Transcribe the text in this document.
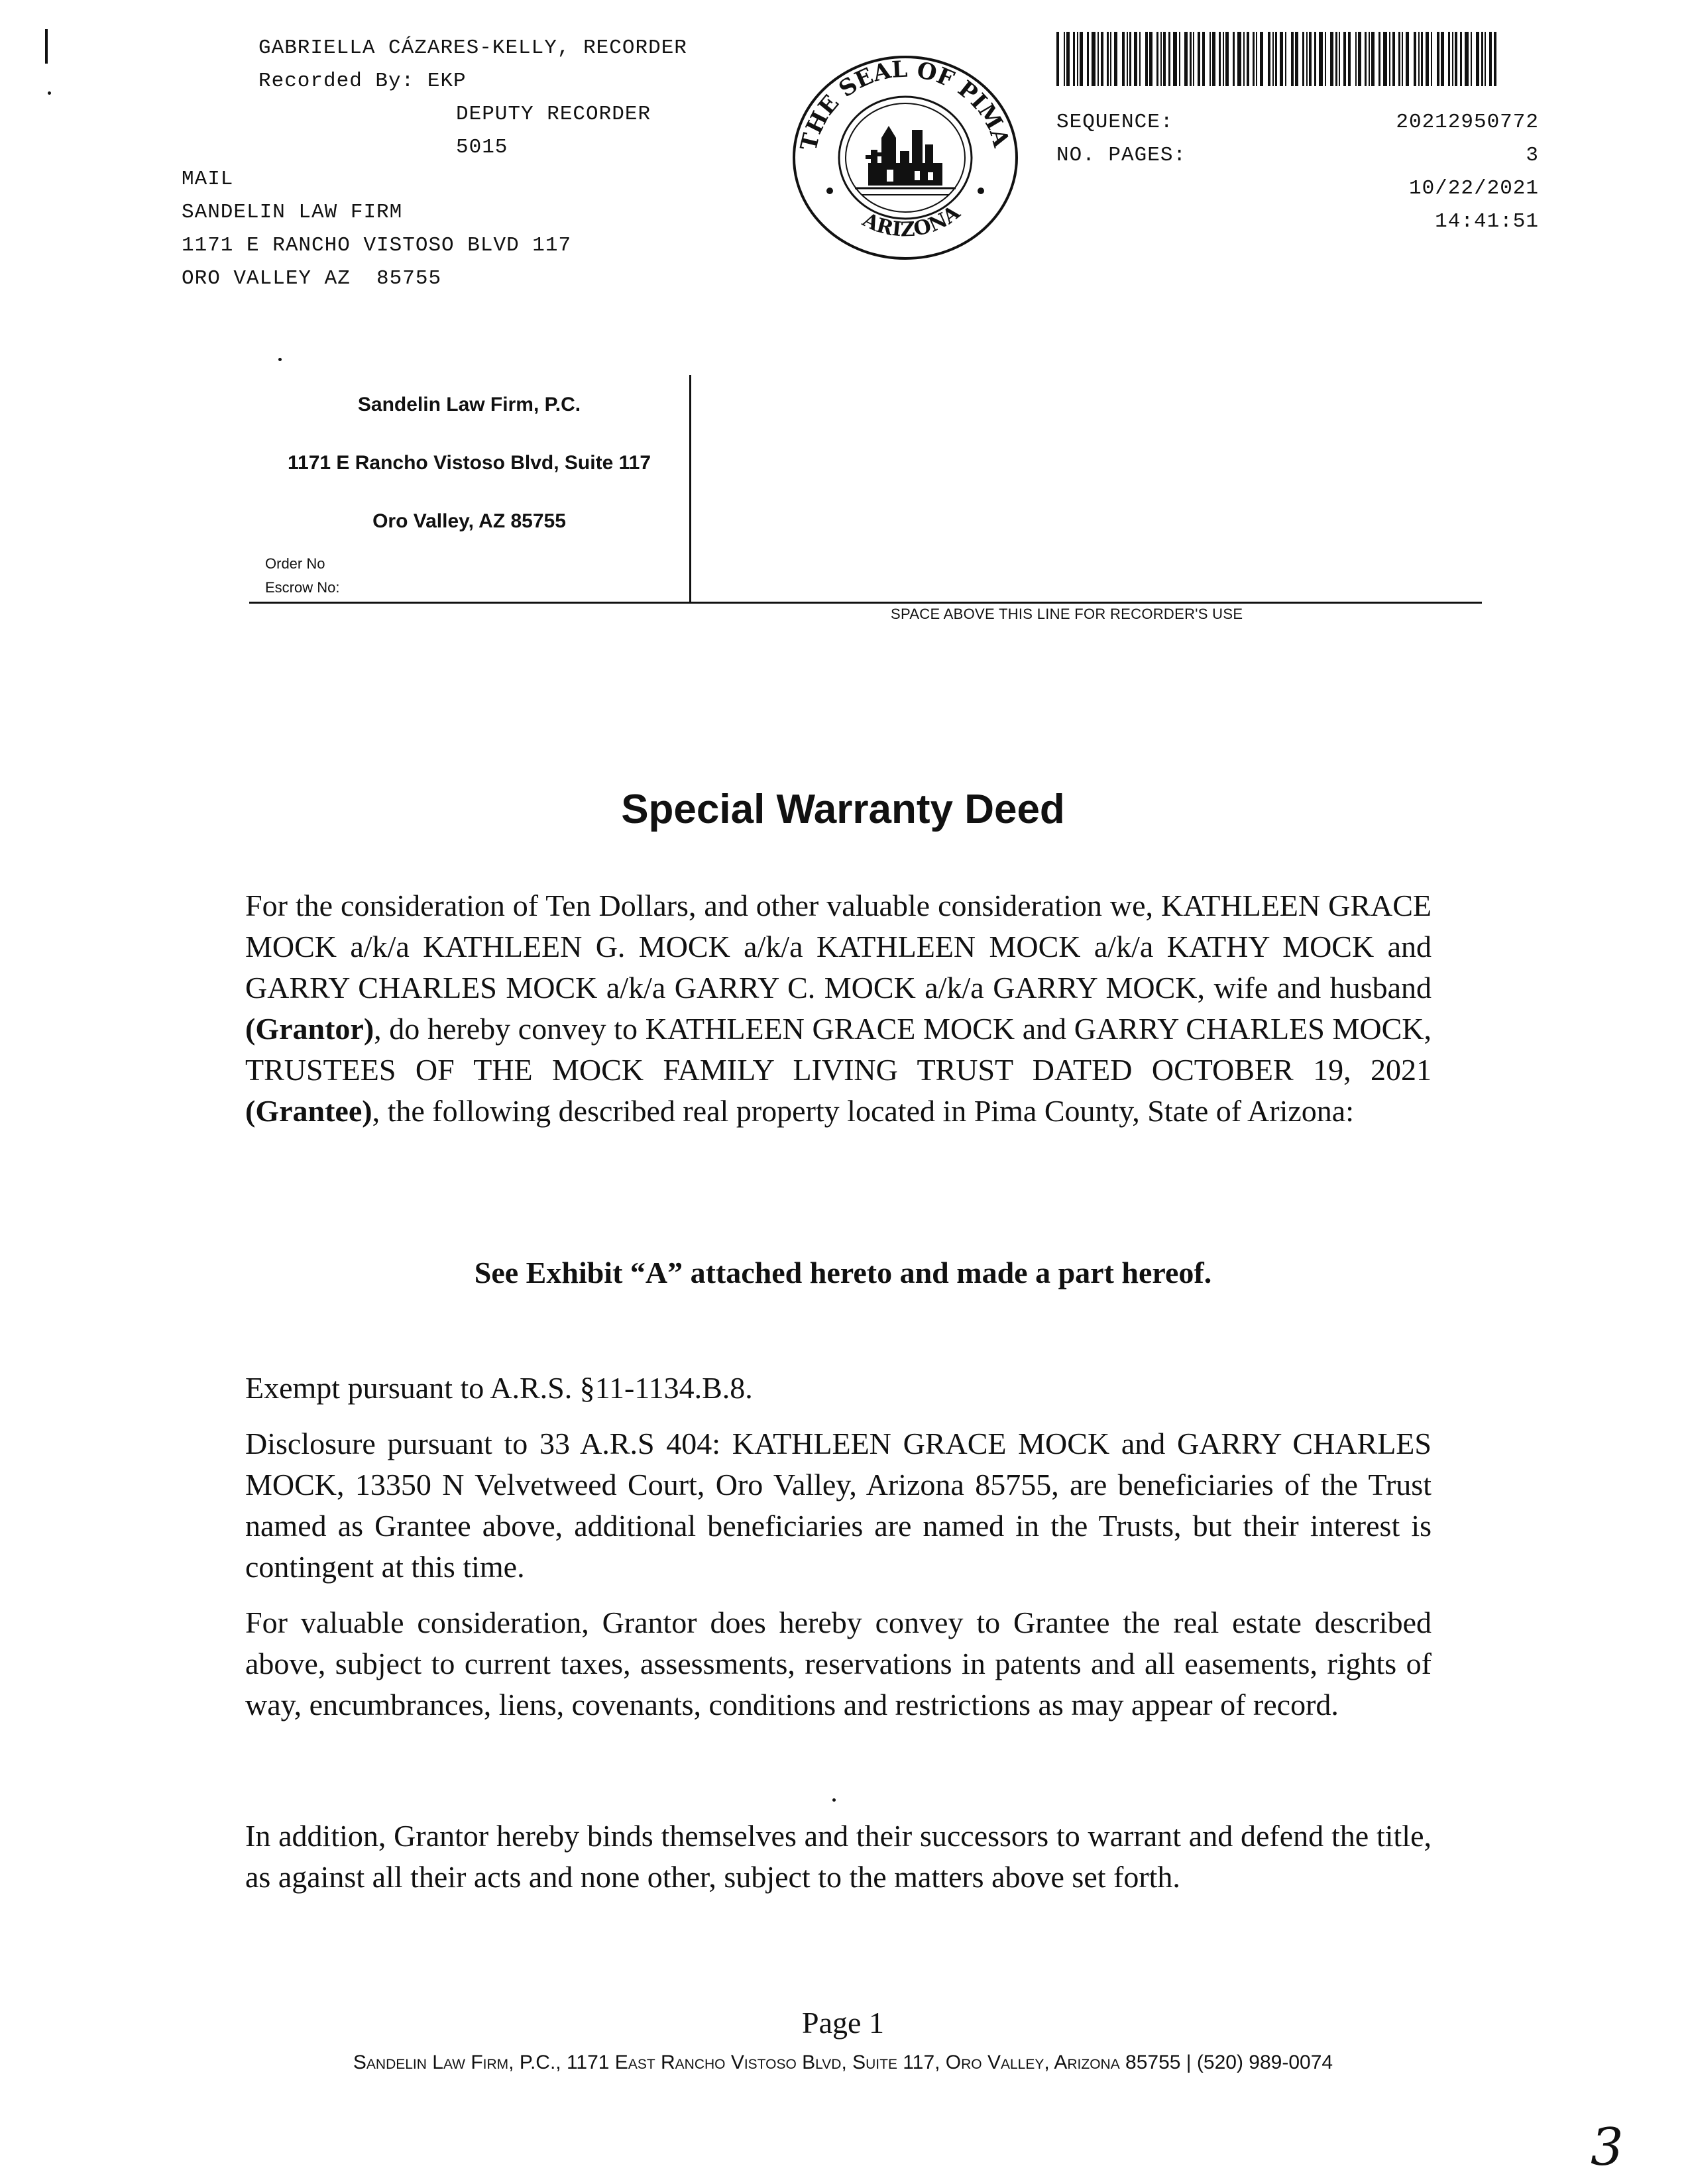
GABRIELLA CÁZARES-KELLY, RECORDER
Recorded By: EKP
DEPUTY RECORDER
5015
MAIL
SANDELIN LAW FIRM
1171 E RANCHO VISTOSO BLVD 117
ORO VALLEY AZ  85755
THE SEAL OF PIMA
ARIZONA
SEQUENCE:
NO. PAGES:
20212950772
3
10/22/2021
14:41:51
Sandelin Law Firm, P.C.
1171 E Rancho Vistoso Blvd, Suite 117
Oro Valley, AZ 85755
Order No
Escrow No:
SPACE ABOVE THIS LINE FOR RECORDER'S USE
Special Warranty Deed
For the consideration of Ten Dollars, and other valuable consideration we, KATHLEEN GRACE MOCK a/k/a KATHLEEN G. MOCK a/k/a KATHLEEN MOCK a/k/a KATHY MOCK and GARRY CHARLES MOCK a/k/a GARRY C. MOCK a/k/a GARRY MOCK, wife and husband (Grantor), do hereby convey to KATHLEEN GRACE MOCK and GARRY CHARLES MOCK, TRUSTEES OF THE MOCK FAMILY LIVING TRUST DATED OCTOBER 19, 2021 (Grantee), the following described real property located in Pima County, State of Arizona:
See Exhibit “A” attached hereto and made a part hereof.
Exempt pursuant to A.R.S. §11-1134.B.8.
Disclosure pursuant to 33 A.R.S 404: KATHLEEN GRACE MOCK and GARRY CHARLES MOCK, 13350 N Velvetweed Court, Oro Valley, Arizona 85755, are beneficiaries of the Trust named as Grantee above, additional beneficiaries are named in the Trusts, but their interest is contingent at this time.
For valuable consideration, Grantor does hereby convey to Grantee the real estate described above, subject to current taxes, assessments, reservations in patents and all easements, rights of way, encumbrances, liens, covenants, conditions and restrictions as may appear of record.
In addition, Grantor hereby binds themselves and their successors to warrant and defend the title, as against all their acts and none other, subject to the matters above set forth.
Page 1
Sandelin Law Firm, P.C., 1171 East Rancho Vistoso Blvd, Suite 117, Oro Valley, Arizona 85755 | (520) 989-0074
3
